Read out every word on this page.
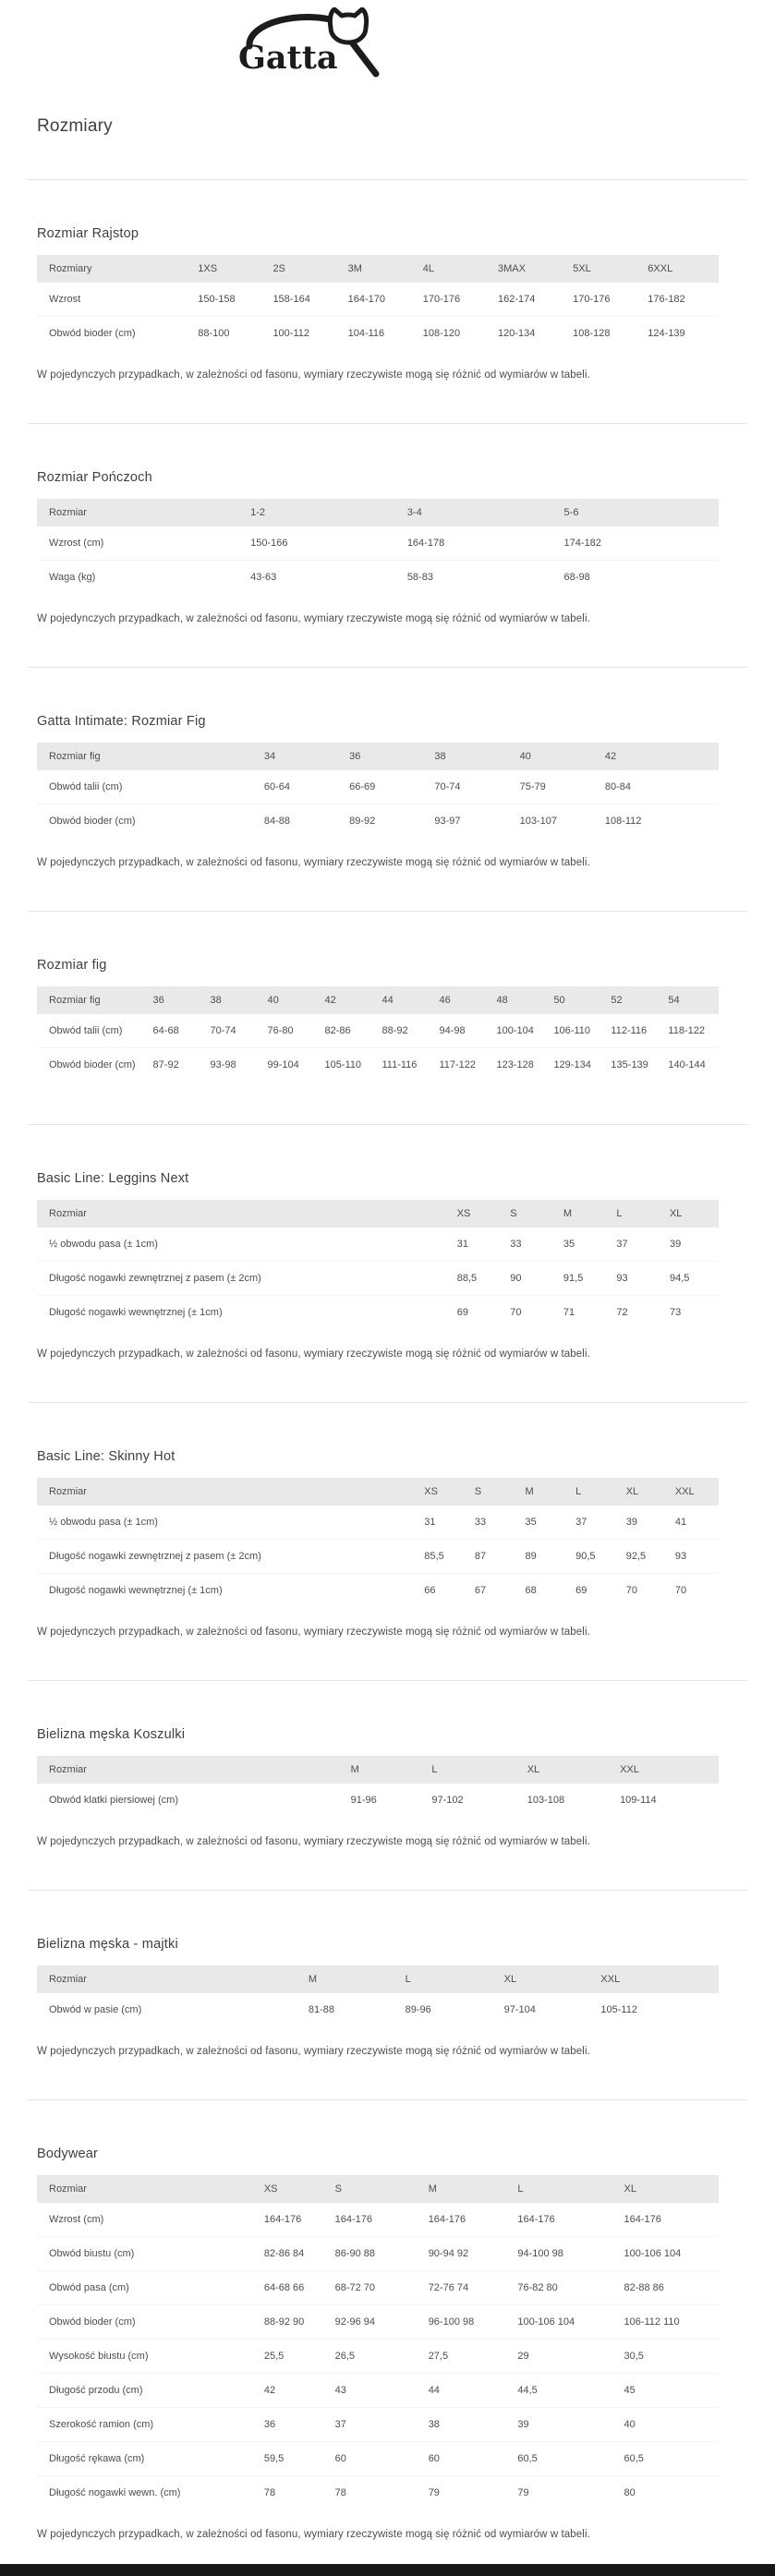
Gatta
Rozmiary
Rozmiar Rajstop
Rozmiary	1XS	2S	3M	4L	3MAX	5XL	6XXL
Wzrost	150-158	158-164	164-170	170-176	162-174	170-176	176-182
Obwód bioder (cm)	88-100	100-112	104-116	108-120	120-134	108-128	124-139

W pojedynczych przypadkach, w zależności od fasonu, wymiary rzeczywiste mogą się różnić od wymiarów w tabeli.

Rozmiar Pończoch
Rozmiar	1-2	3-4	5-6
Wzrost (cm)	150-166	164-178	174-182
Waga (kg)	43-63	58-83	68-98

W pojedynczych przypadkach, w zależności od fasonu, wymiary rzeczywiste mogą się różnić od wymiarów w tabeli.

Gatta Intimate: Rozmiar Fig
Rozmiar fig	34	36	38	40	42	
Obwód talii (cm)	60-64	66-69	70-74	75-79	80-84	
Obwód bioder (cm)	84-88	89-92	93-97	103-107	108-112	

W pojedynczych przypadkach, w zależności od fasonu, wymiary rzeczywiste mogą się różnić od wymiarów w tabeli.

Rozmiar fig
Rozmiar fig	36	38	40	42	44	46	48	50	52	54
Obwód talii (cm)	64-68	70-74	76-80	82-86	88-92	94-98	100-104	106-110	112-116	118-122
Obwód bioder (cm)	87-92	93-98	99-104	105-110	111-116	117-122	123-128	129-134	135-139	140-144
Basic Line: Leggins Next
Rozmiar	XS	S	M	L	XL
½ obwodu pasa (± 1cm)	31	33	35	37	39
Długość nogawki zewnętrznej z pasem (± 2cm)	88,5	90	91,5	93	94,5
Długość nogawki wewnętrznej (± 1cm)	69	70	71	72	73

W pojedynczych przypadkach, w zależności od fasonu, wymiary rzeczywiste mogą się różnić od wymiarów w tabeli.

Basic Line: Skinny Hot
Rozmiar	XS	S	M	L	XL	XXL
½ obwodu pasa (± 1cm)	31	33	35	37	39	41
Długość nogawki zewnętrznej z pasem (± 2cm)	85,5	87	89	90,5	92,5	93
Długość nogawki wewnętrznej (± 1cm)	66	67	68	69	70	70

W pojedynczych przypadkach, w zależności od fasonu, wymiary rzeczywiste mogą się różnić od wymiarów w tabeli.

Bielizna męska Koszulki
Rozmiar	M	L	XL	XXL
Obwód klatki piersiowej (cm)	91-96	97-102	103-108	109-114

W pojedynczych przypadkach, w zależności od fasonu, wymiary rzeczywiste mogą się różnić od wymiarów w tabeli.

Bielizna męska - majtki
Rozmiar	M	L	XL	XXL
Obwód w pasie (cm)	81-88	89-96	97-104	105-112

W pojedynczych przypadkach, w zależności od fasonu, wymiary rzeczywiste mogą się różnić od wymiarów w tabeli.

Bodywear
Rozmiar	XS	S	M	L	XL
Wzrost (cm)	164-176	164-176	164-176	164-176	164-176
Obwód biustu (cm)	82-86 84	86-90 88	90-94 92	94-100 98	100-106 104
Obwód pasa (cm)	64-68 66	68-72 70	72-76 74	76-82 80	82-88 86
Obwód bioder (cm)	88-92 90	92-96 94	96-100 98	100-106 104	106-112 110
Wysokość biustu (cm)	25,5	26,5	27,5	29	30,5
Długość przodu (cm)	42	43	44	44,5	45
Szerokość ramion (cm)	36	37	38	39	40
Długość rękawa (cm)	59,5	60	60	60,5	60,5
Długość nogawki wewn. (cm)	78	78	79	79	80

W pojedynczych przypadkach, w zależności od fasonu, wymiary rzeczywiste mogą się różnić od wymiarów w tabeli.
